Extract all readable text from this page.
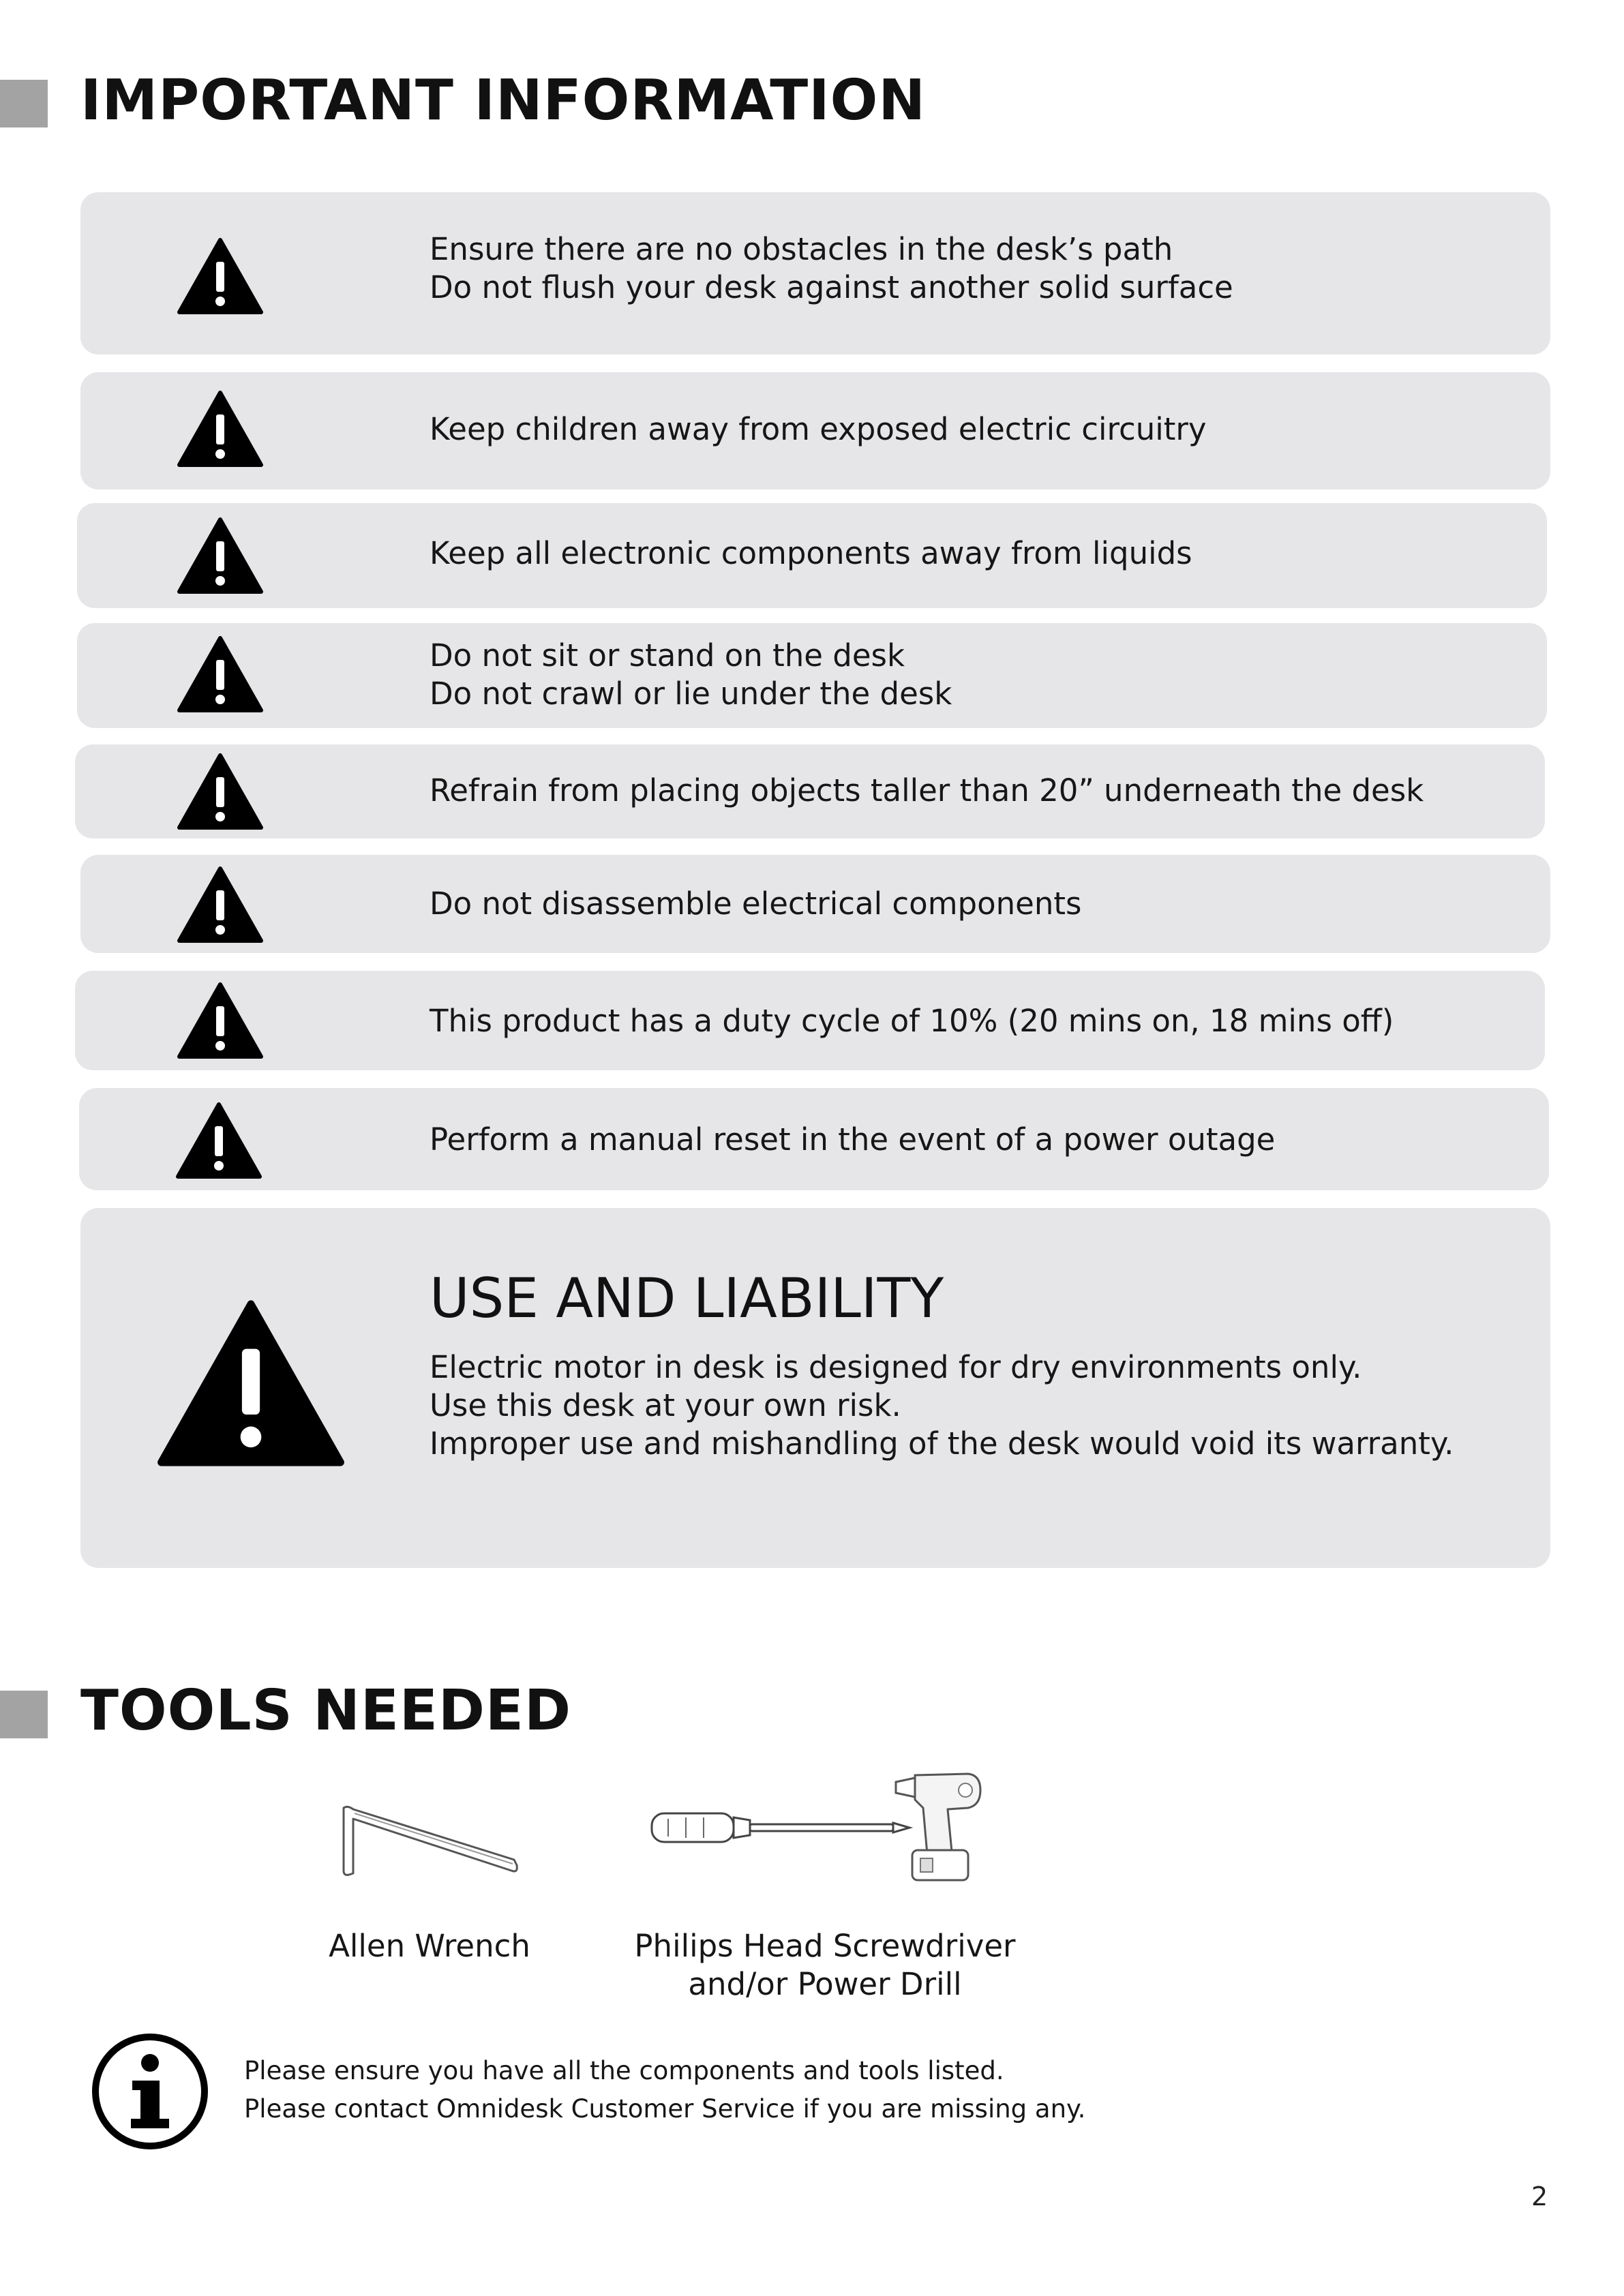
IMPORTANT INFORMATION
Ensure there are no obstacles in the desk’s path
Do not flush your desk against another solid surface
Keep children away from exposed electric circuitry
Keep all electronic components away from liquids
Do not sit or stand on the desk
Do not crawl or lie under the desk
Refrain from placing objects taller than 20” underneath the desk
Do not disassemble electrical components
This product has a duty cycle of 10% (20 mins on, 18 mins off)
Perform a manual reset in the event of a power outage
USE AND LIABILITY
Electric motor in desk is designed for dry environments only.
Use this desk at your own risk.
Improper use and mishandling of the desk would void its warranty.
TOOLS NEEDED
Allen Wrench	Philips Head Screwdriver
and/or Power Drill
Please ensure you have all the components and tools listed.
Please contact Omnidesk Customer Service if you are missing any.
2
